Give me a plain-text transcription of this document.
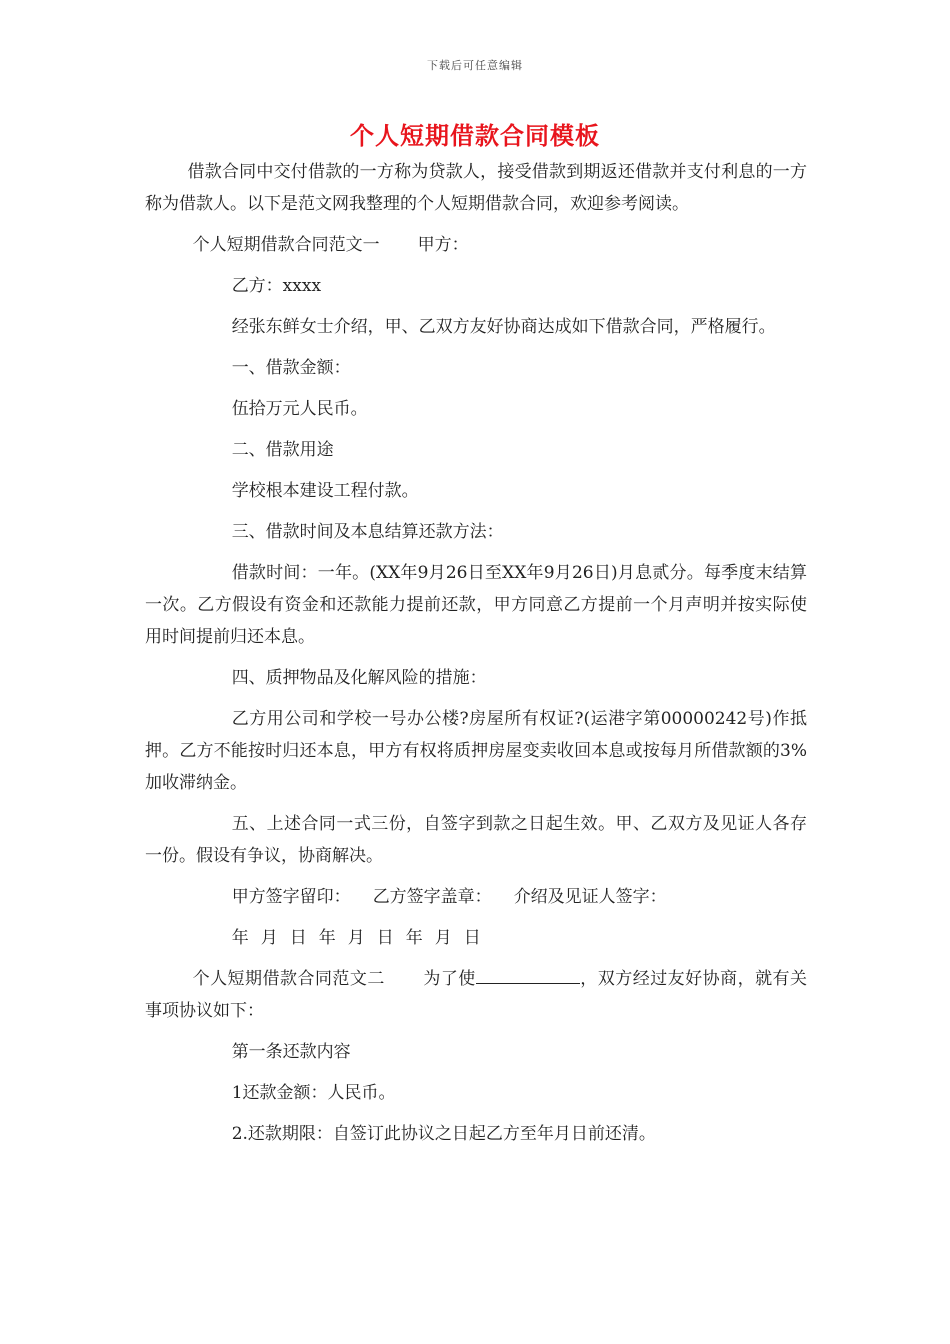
下载后可任意编辑
个人短期借款合同模板

借款合同中交付借款的一方称为贷款人，接受借款到期返还借款并支付利息的一方称为借款人。以下是范文网我整理的个人短期借款合同，欢迎参考阅读。

个人短期借款合同范文一 甲方：

乙方：xxxx

经张东鲜女士介绍，甲、乙双方友好协商达成如下借款合同，严格履行。

一、借款金额：

伍拾万元人民币。

二、借款用途

学校根本建设工程付款。

三、借款时间及本息结算还款方法：

借款时间：一年。(XX年9月26日至XX年9月26日)月息贰分。每季度末结算一次。乙方假设有资金和还款能力提前还款，甲方同意乙方提前一个月声明并按实际使用时间提前归还本息。

四、质押物品及化解风险的措施：

乙方用公司和学校一号办公楼?房屋所有权证?(运港字第00000242号)作抵押。乙方不能按时归还本息，甲方有权将质押房屋变卖收回本息或按每月所借款额的3%加收滞纳金。

五、上述合同一式三份，自签字到款之日起生效。甲、乙双方及见证人各存一份。假设有争议，协商解决。

甲方签字留印： 乙方签字盖章： 介绍及见证人签字：

年 月 日 年 月 日 年 月 日

个人短期借款合同范文二 为了使	，双方经过友好协商，就有关事项协议如下：

第一条还款内容

1还款金额：人民币。

2.还款期限：自签订此协议之日起乙方至年月日前还清。
